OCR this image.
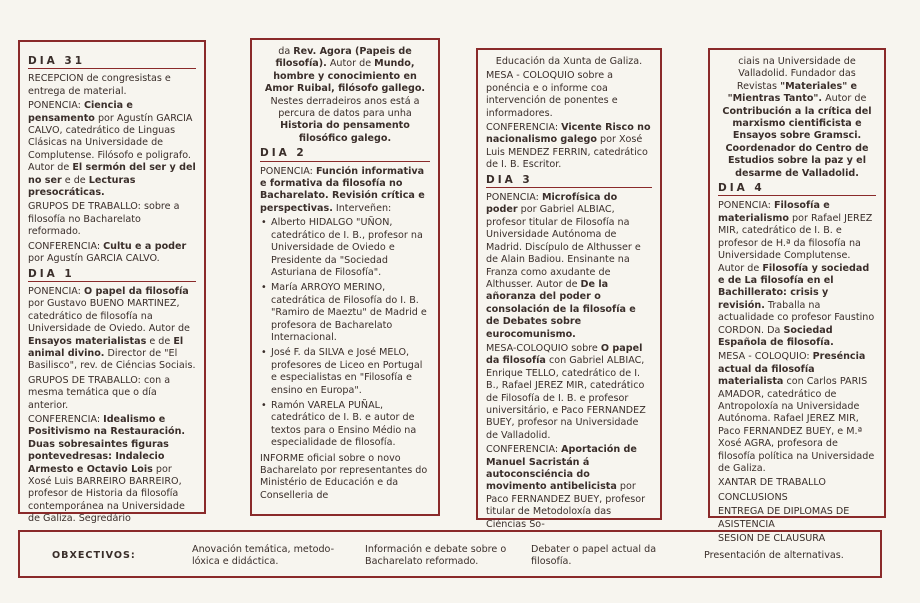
DIA 31

RECEPCION de congresistas e entrega de material.

PONENCIA: Ciencia e pensamento por Agustín GARCIA CALVO, catedrático de Linguas Clásicas na Universidade de Complutense. Filósofo e poligrafo. Autor de El sermón del ser y del no ser e de Lecturas presocráticas.

GRUPOS DE TRABALLO: sobre a filosofía no Bacharelato reformado.

CONFERENCIA: Cultu e a poder por Agustín GARCIA CALVO.

DIA 1

PONENCIA: O papel da filosofía por Gustavo BUENO MARTINEZ, catedrático de filosofía na Universidade de Oviedo. Autor de Ensayos materialistas e de El animal divino. Director de "El Basilisco", rev. de Ciéncias Sociais.

GRUPOS DE TRABALLO: con a mesma temática que o día anterior.

CONFERENCIA: Idealismo e Positivismo na Restauración. Duas sobresaintes figuras pontevedresas: Indalecio Armesto e Octavio Lois por Xosé Luis BARREIRO BARREIRO, profesor de Historia da filosofía contemporánea na Universidade de Galiza. Segredário

da Rev. Agora (Papeis de filosofía). Autor de Mundo, hombre y conocimiento en Amor Ruibal, filósofo gallego. Nestes derradeiros anos está a percura de datos para unha Historia do pensamento filosófico galego.

DIA 2

PONENCIA: Función informativa e formativa da filosofía no Bacharelato. Revisión crítica e perspectivas. Interveñen:

• Alberto HIDALGO "UÑON, catedrático de I. B., profesor na Universidade de Oviedo e Presidente da "Sociedad Asturiana de Filosofía".
• María ARROYO MERINO, catedrática de Filosofía do I. B. "Ramiro de Maeztu" de Madrid e profesora de Bacharelato Internacional.
• José F. da SILVA e José MELO, profesores de Liceo en Portugal e especialistas en "Filosofía e ensino en Europa".
• Ramón VARELA PUÑAL, catedrático de I. B. e autor de textos para o Ensino Médio na especialidade de filosofía.

INFORME oficial sobre o novo Bacharelato por representantes do Ministério de Educación e da Conselleria de

Educación da Xunta de Galiza.

MESA - COLOQUIO sobre a ponéncia e o informe coa intervención de ponentes e informadores.

CONFERENCIA: Vicente Risco no nacionalismo galego por Xosé Luis MENDEZ FERRIN, catedrático de I. B. Escritor.

DIA 3

PONENCIA: Microfísica do poder por Gabriel ALBIAC, profesor titular de Filosofía na Universidade Autónoma de Madrid. Discípulo de Althusser e de Alain Badiou. Ensinante na Franza como axudante de Althusser. Autor de De la añoranza del poder o consolación de la filosofía e de Debates sobre eurocomunismo.

MESA-COLOQUIO sobre O papel da filosofía con Gabriel ALBIAC, Enrique TELLO, catedrático de I. B., Rafael JEREZ MIR, catedrático de Filosofía de I. B. e profesor universitário, e Paco FERNANDEZ BUEY, profesor na Universidade de Valladolid.

CONFERENCIA: Aportación de Manuel Sacristán á autoconsciéncia do movimento antibelicista por Paco FERNANDEZ BUEY, profesor titular de Metodoloxía das Ciéncias So-

ciais na Universidade de Valladolid. Fundador das Revistas "Materiales" e "Mientras Tanto". Autor de Contribución a la crítica del marxismo cientificista e Ensayos sobre Gramsci. Coordenador do Centro de Estudios sobre la paz y el desarme de Valladolid.

DIA 4

PONENCIA: Filosofía e materialismo por Rafael JEREZ MIR, catedrático de I. B. e profesor de H.ª da filosofía na Universidade Complutense. Autor de Filosofía y sociedad e de La filosofía en el Bachillerato: crisis y revisión. Traballa na actualidade co profesor Faustino CORDON. Da Sociedad Española de filosofía.

MESA - COLOQUIO: Preséncia actual da filosofía materialista con Carlos PARIS AMADOR, catedrático de Antropoloxía na Universidade Autónoma. Rafael JEREZ MIR, Paco FERNANDEZ BUEY, e M.ª Xosé AGRA, profesora de filosofía política na Universidade de Galiza.

XANTAR DE TRABALLO

CONCLUSIONS

ENTREGA DE DIPLOMAS DE ASISTENCIA

SESION DE CLAUSURA

OBXECTIVOS:
Anovación temática, metodo-lóxica e didáctica.
Información e debate sobre o Bacharelato reformado.
Debater o papel actual da filosofía.
Presentación de alternativas.
